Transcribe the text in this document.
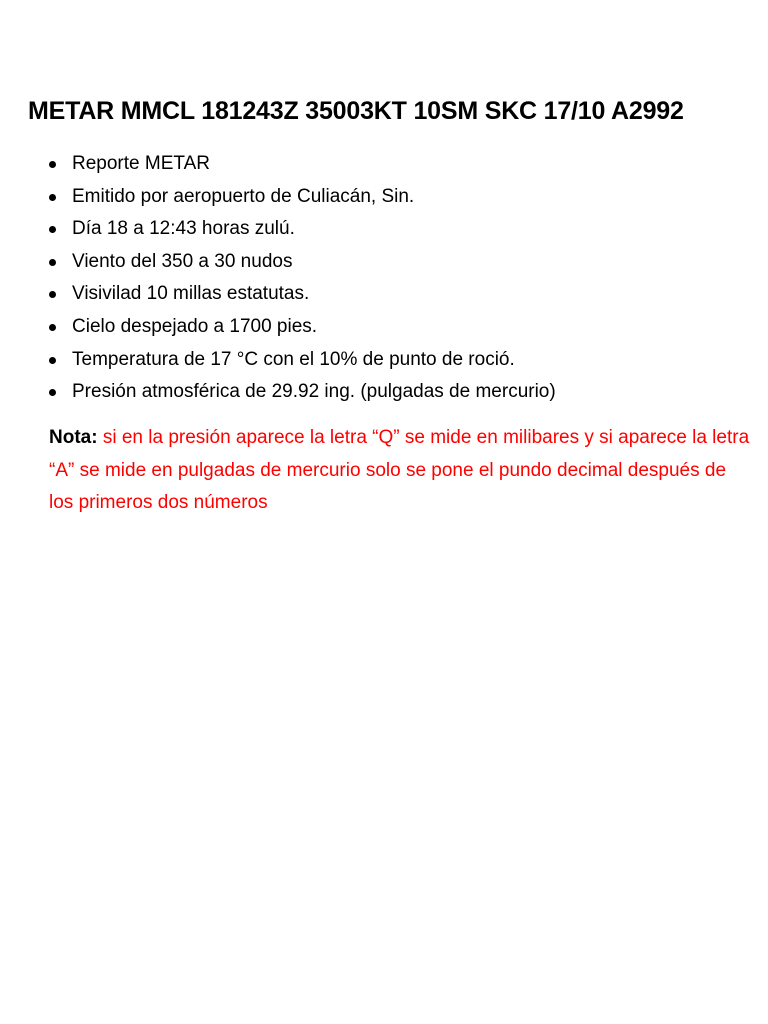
METAR MMCL 181243Z 35003KT 10SM SKC 17/10 A2992
Reporte METAR
Emitido por aeropuerto de Culiacán, Sin.
Día 18 a 12:43 horas zulú.
Viento del 350 a 30 nudos
Visivilad 10 millas estatutas.
Cielo despejado a 1700 pies.
Temperatura de 17 °C con el 10% de punto de roció.
Presión atmosférica de 29.92 ing. (pulgadas de mercurio)

Nota: si en la presión aparece la letra “Q” se mide en milibares y si aparece la letra “A” se mide en pulgadas de mercurio solo se pone el pundo decimal después de los primeros dos números
